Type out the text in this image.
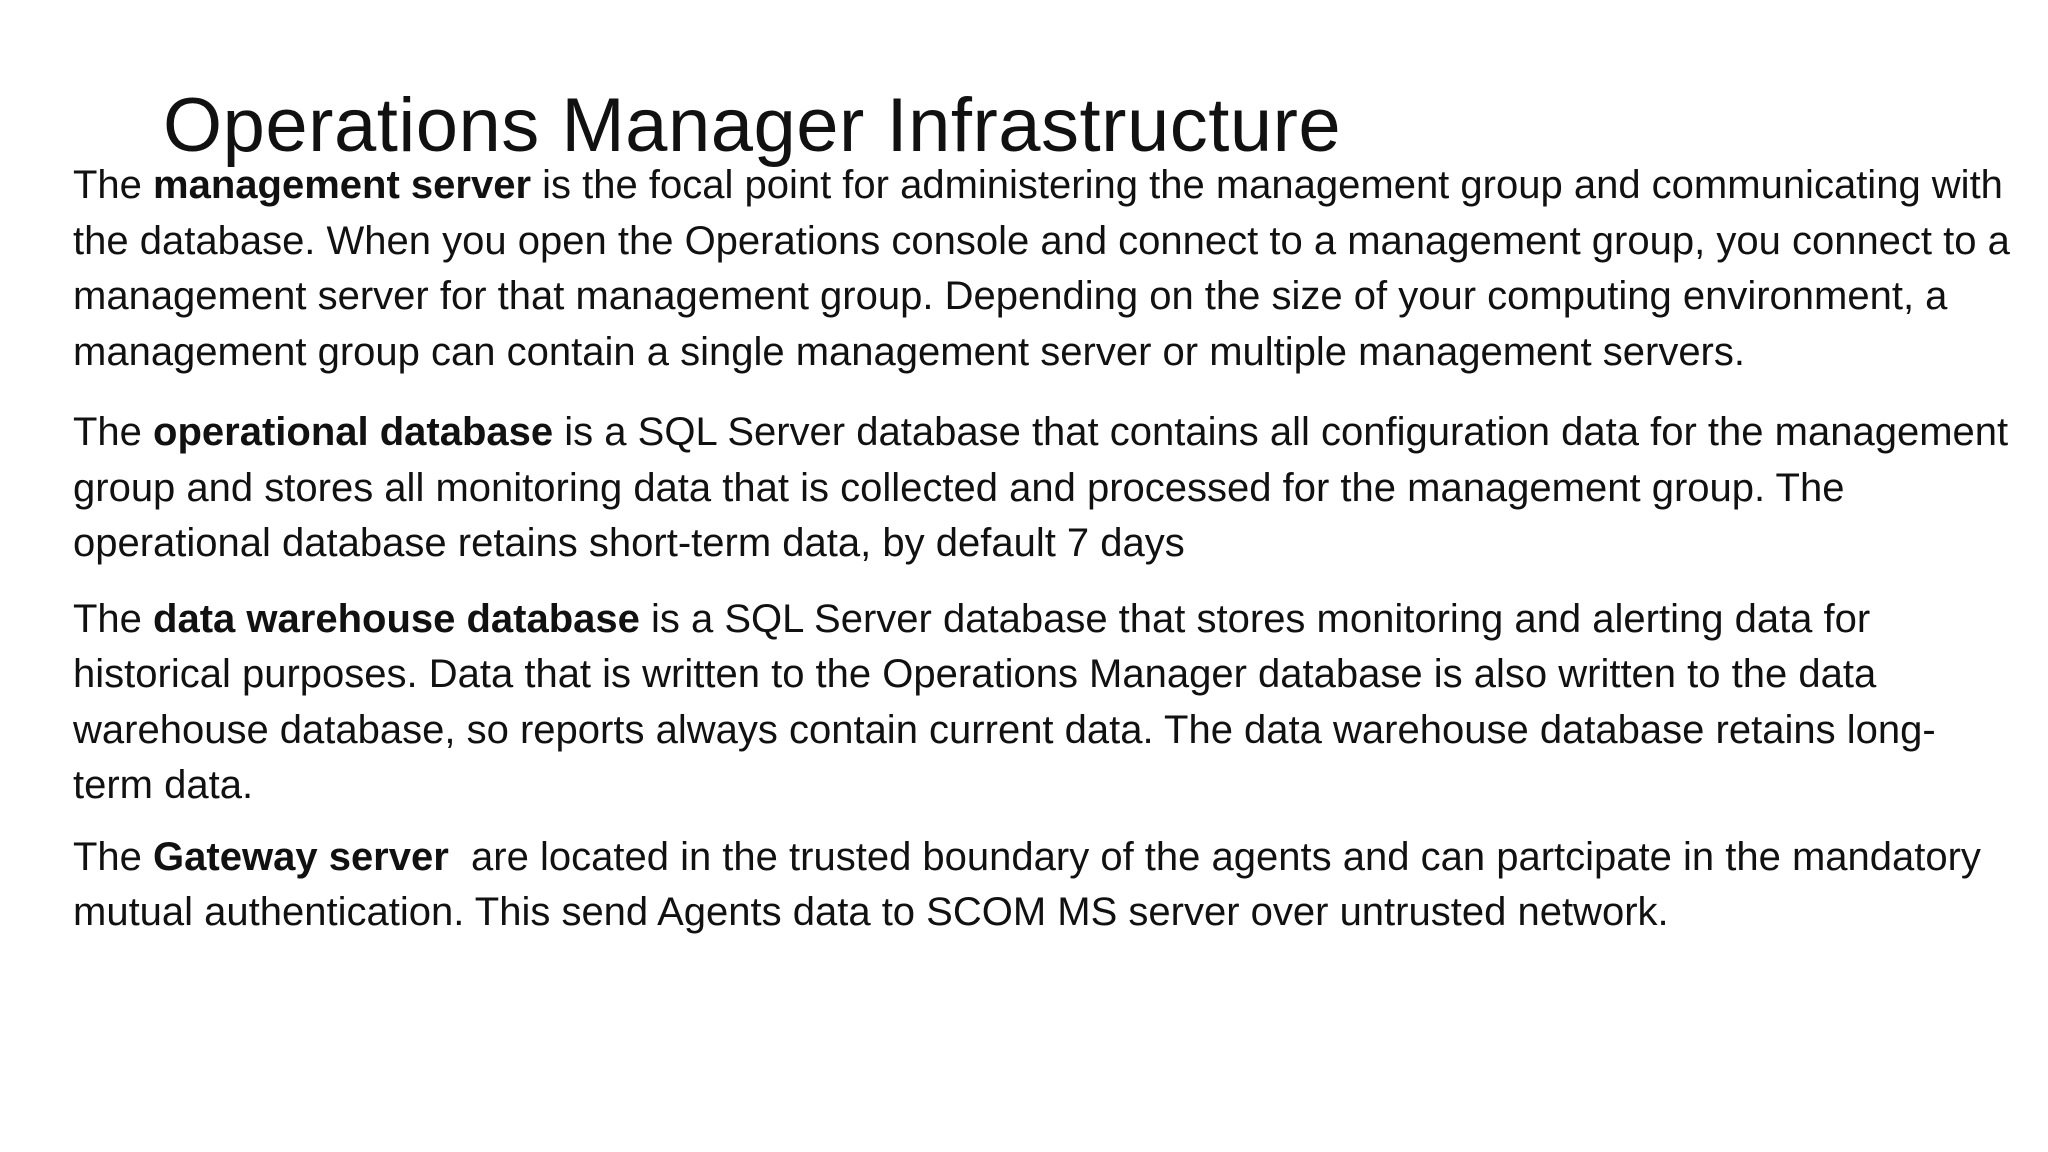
Operations Manager Infrastructure

The management server is the focal point for administering the management group and communicating with the database. When you open the Operations console and connect to a management group, you connect to a management server for that management group. Depending on the size of your computing environment, a management group can contain a single management server or multiple management servers.

The operational database is a SQL Server database that contains all configuration data for the management group and stores all monitoring data that is collected and processed for the management group. The operational database retains short-term data, by default 7 days

The data warehouse database is a SQL Server database that stores monitoring and alerting data for historical purposes. Data that is written to the Operations Manager database is also written to the data warehouse database, so reports always contain current data. The data warehouse database retains long-term data.

The Gateway server  are located in the trusted boundary of the agents and can partcipate in the mandatory mutual authentication. This send Agents data to SCOM MS server over untrusted network.
